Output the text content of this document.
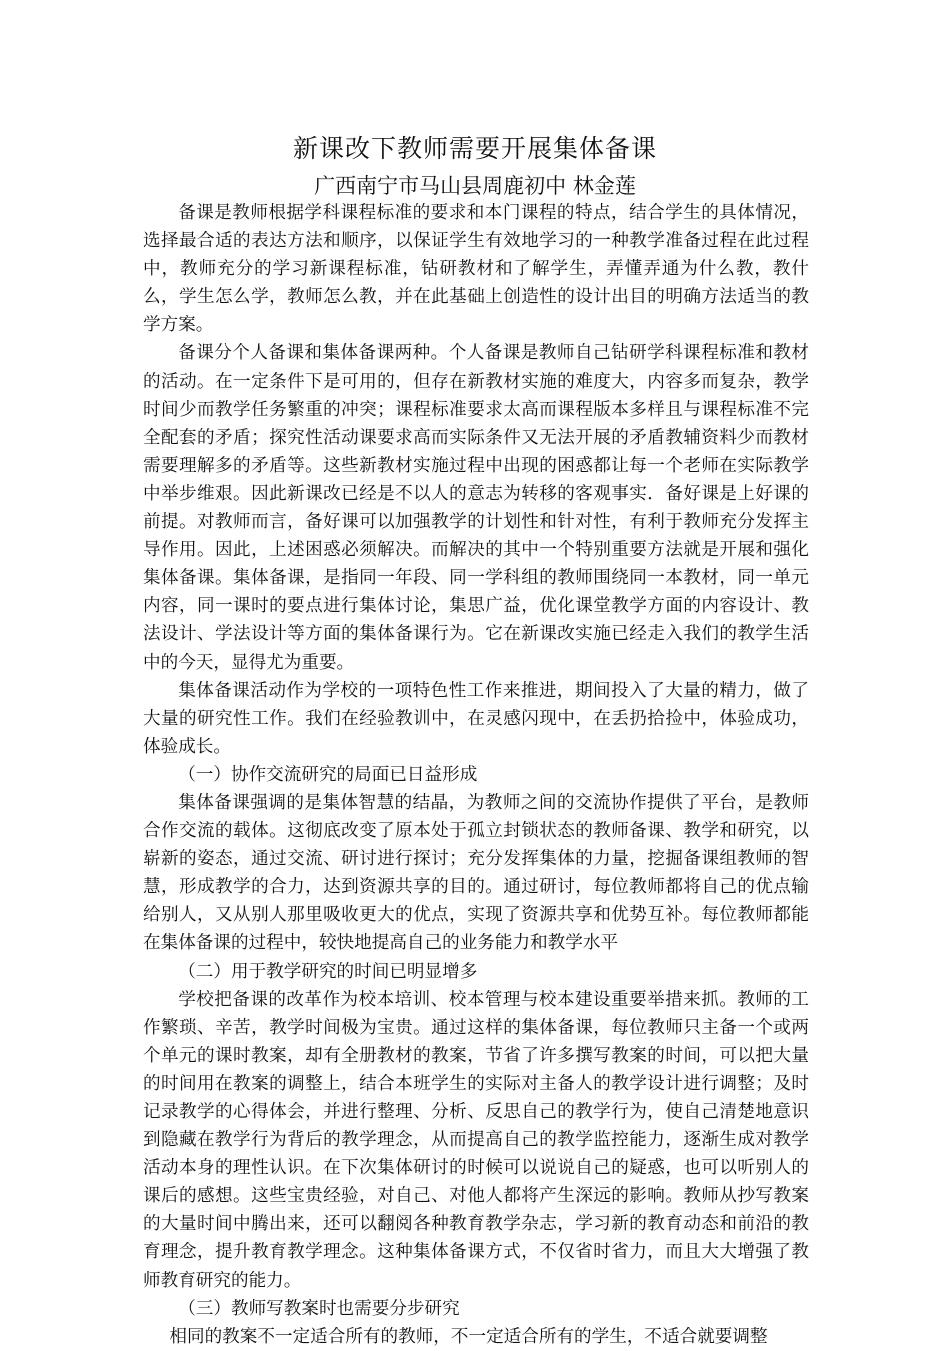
新课改下教师需要开展集体备课
广西南宁市马山县周鹿初中 林金莲

备课是教师根据学科课程标准的要求和本门课程的特点，结合学生的具体情况，选择最合适的表达方法和顺序，以保证学生有效地学习的一种教学准备过程在此过程中，教师充分的学习新课程标准，钻研教材和了解学生，弄懂弄通为什么教，教什么，学生怎么学，教师怎么教，并在此基础上创造性的设计出目的明确方法适当的教学方案。

备课分个人备课和集体备课两种。个人备课是教师自己钻研学科课程标准和教材的活动。在一定条件下是可用的，但存在新教材实施的难度大，内容多而复杂，教学时间少而教学任务繁重的冲突；课程标准要求太高而课程版本多样且与课程标准不完全配套的矛盾；探究性活动课要求高而实际条件又无法开展的矛盾教辅资料少而教材需要理解多的矛盾等。这些新教材实施过程中出现的困惑都让每一个老师在实际教学中举步维艰。因此新课改已经是不以人的意志为转移的客观事实．备好课是上好课的前提。对教师而言，备好课可以加强教学的计划性和针对性，有利于教师充分发挥主导作用。因此，上述困惑必须解决。而解决的其中一个特别重要方法就是开展和强化集体备课。集体备课，是指同一年段、同一学科组的教师围绕同一本教材，同一单元内容，同一课时的要点进行集体讨论，集思广益，优化课堂教学方面的内容设计、教法设计、学法设计等方面的集体备课行为。它在新课改实施已经走入我们的教学生活中的今天，显得尤为重要。

集体备课活动作为学校的一项特色性工作来推进，期间投入了大量的精力，做了大量的研究性工作。我们在经验教训中，在灵感闪现中，在丢扔拾捡中，体验成功，体验成长。

（一）协作交流研究的局面已日益形成

集体备课强调的是集体智慧的结晶，为教师之间的交流协作提供了平台，是教师合作交流的载体。这彻底改变了原本处于孤立封锁状态的教师备课、教学和研究，以崭新的姿态，通过交流、研讨进行探讨；充分发挥集体的力量，挖掘备课组教师的智慧，形成教学的合力，达到资源共享的目的。通过研讨，每位教师都将自己的优点输给别人，又从别人那里吸收更大的优点，实现了资源共享和优势互补。每位教师都能在集体备课的过程中，较快地提高自己的业务能力和教学水平

（二）用于教学研究的时间已明显增多

学校把备课的改革作为校本培训、校本管理与校本建设重要举措来抓。教师的工作繁琐、辛苦，教学时间极为宝贵。通过这样的集体备课，每位教师只主备一个或两个单元的课时教案，却有全册教材的教案，节省了许多撰写教案的时间，可以把大量的时间用在教案的调整上，结合本班学生的实际对主备人的教学设计进行调整；及时记录教学的心得体会，并进行整理、分析、反思自己的教学行为，使自己清楚地意识到隐藏在教学行为背后的教学理念，从而提高自己的教学监控能力，逐渐生成对教学活动本身的理性认识。在下次集体研讨的时候可以说说自己的疑惑，也可以听别人的课后的感想。这些宝贵经验，对自己、对他人都将产生深远的影响。教师从抄写教案的大量时间中腾出来，还可以翻阅各种教育教学杂志，学习新的教育动态和前沿的教育理念，提升教育教学理念。这种集体备课方式，不仅省时省力，而且大大增强了教师教育研究的能力。

（三）教师写教案时也需要分步研究

相同的教案不一定适合所有的教师，不一定适合所有的学生，不适合就要调整
